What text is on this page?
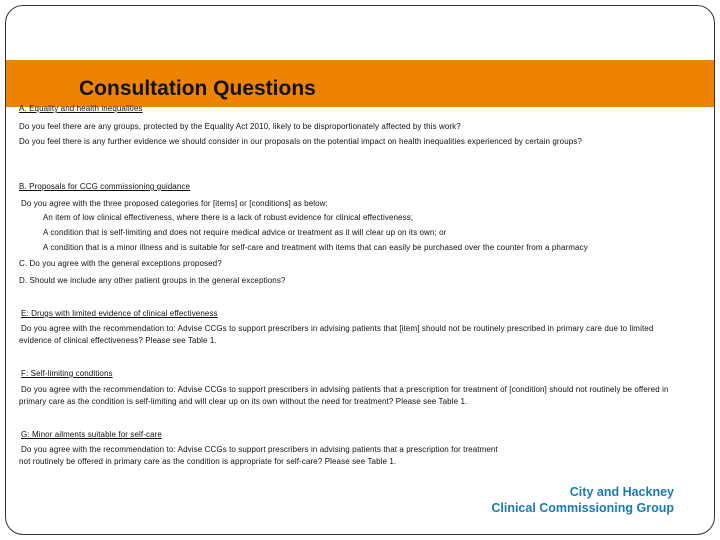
Consultation Questions
A. Equality and health inequalities
Do you feel there are any groups, protected by the Equality Act 2010, likely to be disproportionately affected by this work?
Do you feel there is any further evidence we should consider in our proposals on the potential impact on health inequalities experienced by certain groups?
B. Proposals for CCG commissioning guidance
Do you agree with the three proposed categories for [items] or [conditions] as below:
An item of low clinical effectiveness, where there is a lack of robust evidence for clinical effectiveness;
A condition that is self-limiting and does not require medical advice or treatment as it will clear up on its own; or
A condition that is a minor illness and is suitable for self-care and treatment with items that can easily be purchased over the counter from a pharmacy
C. Do you agree with the general exceptions proposed?
D. Should we include any other patient groups in the general exceptions?
E: Drugs with limited evidence of clinical effectiveness
Do you agree with the recommendation to: Advise CCGs to support prescribers in advising patients that [item] should not be routinely prescribed in primary care due to limited evidence of clinical effectiveness? Please see Table 1.
F: Self-limiting conditions
Do you agree with the recommendation to: Advise CCGs to support prescribers in advising patients that a prescription for treatment of [condition] should not routinely be offered in primary care as the condition is self-limiting and will clear up on its own without the need for treatment? Please see Table 1.
G: Minor ailments suitable for self-care
Do you agree with the recommendation to: Advise CCGs to support prescribers in advising patients that a prescription for treatment
not routinely be offered in primary care as the condition is appropriate for self-care? Please see Table 1.
City and Hackney
Clinical Commissioning Group
